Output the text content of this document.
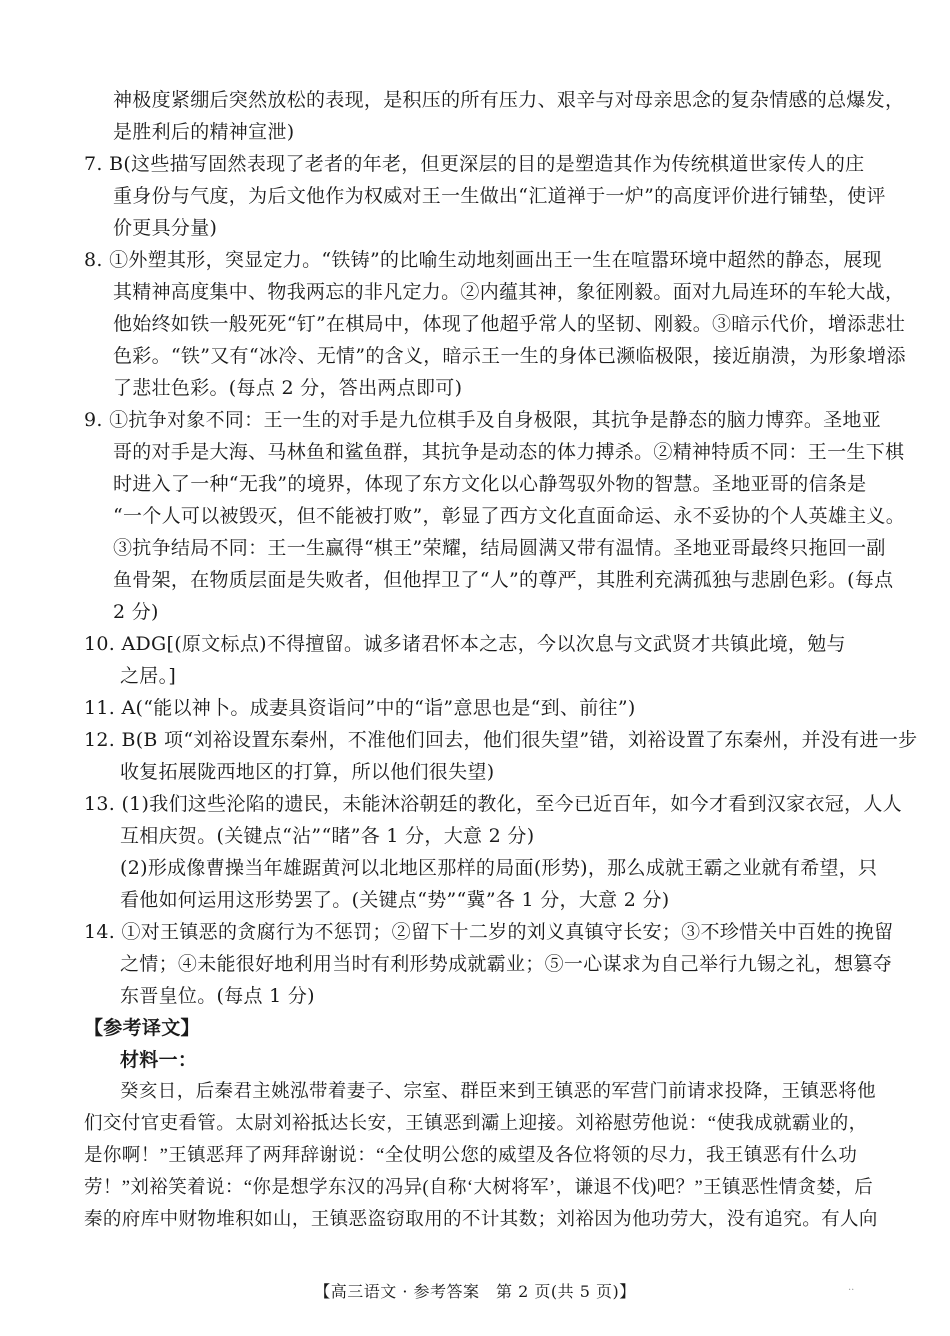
神极度紧绷后突然放松的表现，是积压的所有压力、艰辛与对母亲思念的复杂情感的总爆发，
是胜利后的精神宣泄)
7. B(这些描写固然表现了老者的年老，但更深层的目的是塑造其作为传统棋道世家传人的庄
重身份与气度，为后文他作为权威对王一生做出“汇道禅于一炉”的高度评价进行铺垫，使评
价更具分量)
8. ①外塑其形，突显定力。“铁铸”的比喻生动地刻画出王一生在喧嚣环境中超然的静态，展现
其精神高度集中、物我两忘的非凡定力。②内蕴其神，象征刚毅。面对九局连环的车轮大战，
他始终如铁一般死死“钉”在棋局中，体现了他超乎常人的坚韧、刚毅。③暗示代价，增添悲壮
色彩。“铁”又有“冰冷、无情”的含义，暗示王一生的身体已濒临极限，接近崩溃，为形象增添
了悲壮色彩。(每点 2 分，答出两点即可)
9. ①抗争对象不同：王一生的对手是九位棋手及自身极限，其抗争是静态的脑力博弈。圣地亚
哥的对手是大海、马林鱼和鲨鱼群，其抗争是动态的体力搏杀。②精神特质不同：王一生下棋
时进入了一种“无我”的境界，体现了东方文化以心静驾驭外物的智慧。圣地亚哥的信条是
“一个人可以被毁灭，但不能被打败”，彰显了西方文化直面命运、永不妥协的个人英雄主义。
③抗争结局不同：王一生赢得“棋王”荣耀，结局圆满又带有温情。圣地亚哥最终只拖回一副
鱼骨架，在物质层面是失败者，但他捍卫了“人”的尊严，其胜利充满孤独与悲剧色彩。(每点
2 分)
10. ADG[(原文标点)不得擅留。诚多诸君怀本之志，今以次息与文武贤才共镇此境，勉与
之居。]
11. A(“能以神卜。成妻具资诣问”中的“诣”意思也是“到、前往”)
12. B(B 项“刘裕设置东秦州，不准他们回去，他们很失望”错，刘裕设置了东秦州，并没有进一步
收复拓展陇西地区的打算，所以他们很失望)
13. (1)我们这些沦陷的遗民，未能沐浴朝廷的教化，至今已近百年，如今才看到汉家衣冠，人人
互相庆贺。(关键点“沾”“睹”各 1 分，大意 2 分)
(2)形成像曹操当年雄踞黄河以北地区那样的局面(形势)，那么成就王霸之业就有希望，只
看他如何运用这形势罢了。(关键点“势”“冀”各 1 分，大意 2 分)
14. ①对王镇恶的贪腐行为不惩罚；②留下十二岁的刘义真镇守长安；③不珍惜关中百姓的挽留
之情；④未能很好地利用当时有利形势成就霸业；⑤一心谋求为自己举行九锡之礼，想篡夺
东晋皇位。(每点 1 分)
【参考译文】
材料一：
癸亥日，后秦君主姚泓带着妻子、宗室、群臣来到王镇恶的军营门前请求投降，王镇恶将他
们交付官吏看管。太尉刘裕抵达长安，王镇恶到灞上迎接。刘裕慰劳他说：“使我成就霸业的，
是你啊！”王镇恶拜了两拜辞谢说：“全仗明公您的威望及各位将领的尽力，我王镇恶有什么功
劳！”刘裕笑着说：“你是想学东汉的冯异(自称‘大树将军’，谦退不伐)吧？”王镇恶性情贪婪，后
秦的府库中财物堆积如山，王镇恶盗窃取用的不计其数；刘裕因为他功劳大，没有追究。有人向
【高三语文 · 参考答案　第 2 页(共 5 页)】	..
